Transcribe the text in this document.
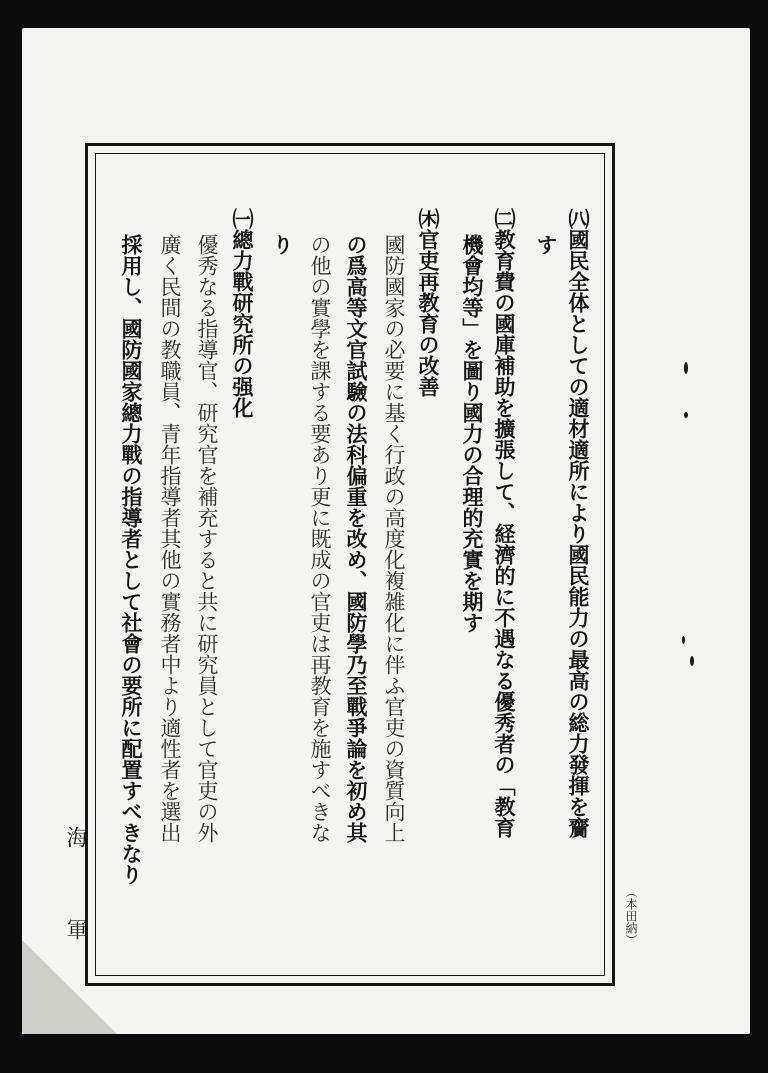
㈧國民全体としての適材適所により國民能力の最高の総力發揮を齎
す
㈡教育費の國庫補助を擴張して、経濟的に不遇なる優秀者の「教育
機會均等」を圖り國力の合理的充實を期す
㈭官吏再教育の改善
國防國家の必要に基く行政の高度化複雑化に伴ふ官吏の資質向上
の爲高等文官試驗の法科偏重を改め、國防學乃至戰爭論を初め其
の他の實學を課する要あり更に既成の官吏は再教育を施すべきな
り
㈠總力戰研究所の强化
優秀なる指導官、研究官を補充すると共に研究員として官吏の外
廣く民間の教職員、青年指導者其他の實務者中より適性者を選出
採用し、國防國家總力戰の指導者として社會の要所に配置すべきなり
海
軍	（本田納）
